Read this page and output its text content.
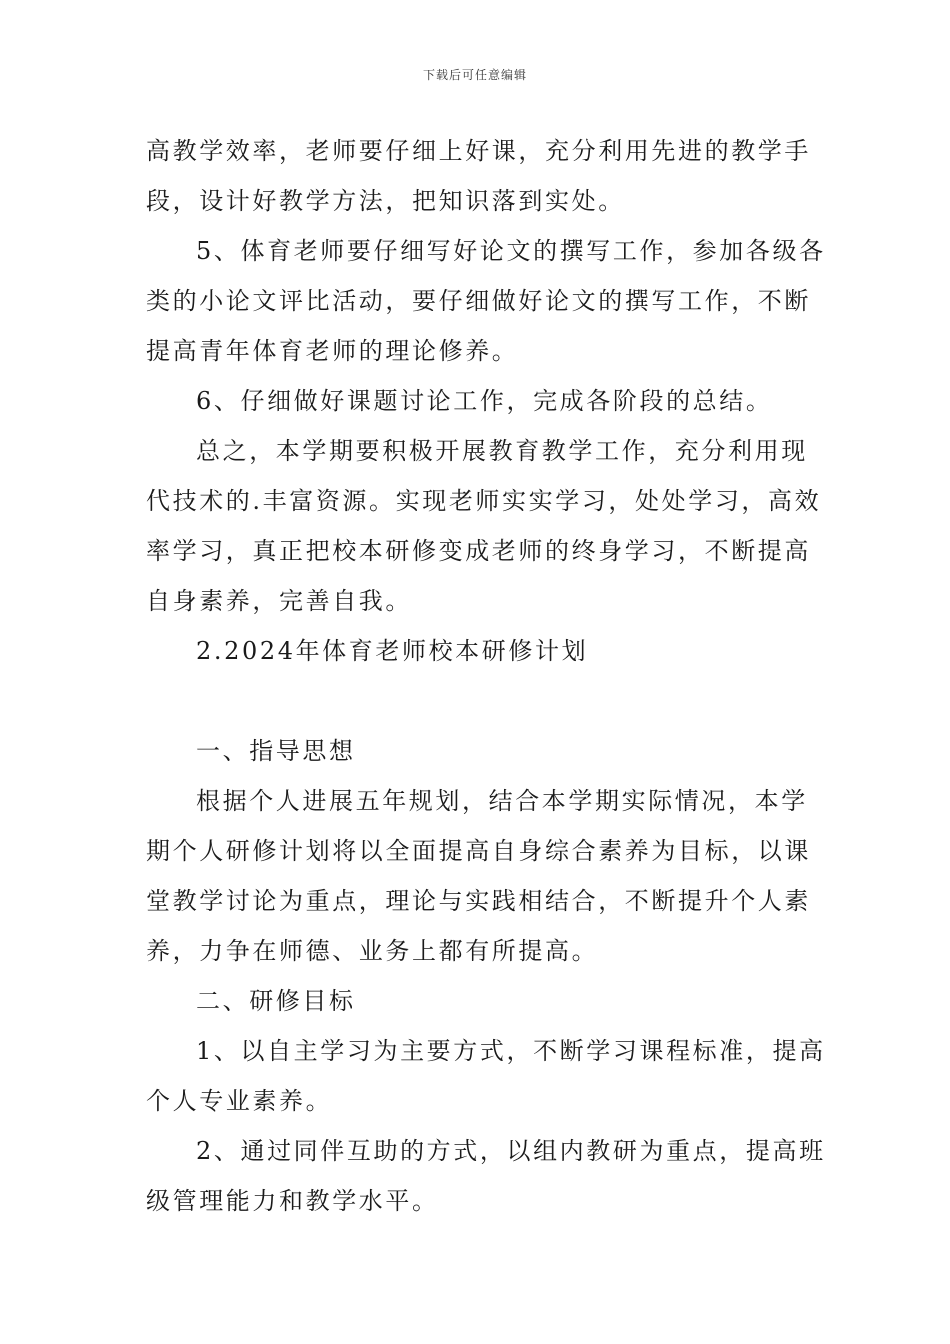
下载后可任意编辑
高教学效率，老师要仔细上好课，充分利用先进的教学手
段，设计好教学方法，把知识落到实处。
5、体育老师要仔细写好论文的撰写工作，参加各级各
类的小论文评比活动，要仔细做好论文的撰写工作，不断
提高青年体育老师的理论修养。
6、仔细做好课题讨论工作，完成各阶段的总结。
总之，本学期要积极开展教育教学工作，充分利用现
代技术的.丰富资源。实现老师实实学习，处处学习，高效
率学习，真正把校本研修变成老师的终身学习，不断提高
自身素养，完善自我。
2.2024年体育老师校本研修计划
一、指导思想
根据个人进展五年规划，结合本学期实际情况，本学
期个人研修计划将以全面提高自身综合素养为目标，以课
堂教学讨论为重点，理论与实践相结合，不断提升个人素
养，力争在师德、业务上都有所提高。
二、研修目标
1、以自主学习为主要方式，不断学习课程标准，提高
个人专业素养。
2、通过同伴互助的方式，以组内教研为重点，提高班
级管理能力和教学水平。
